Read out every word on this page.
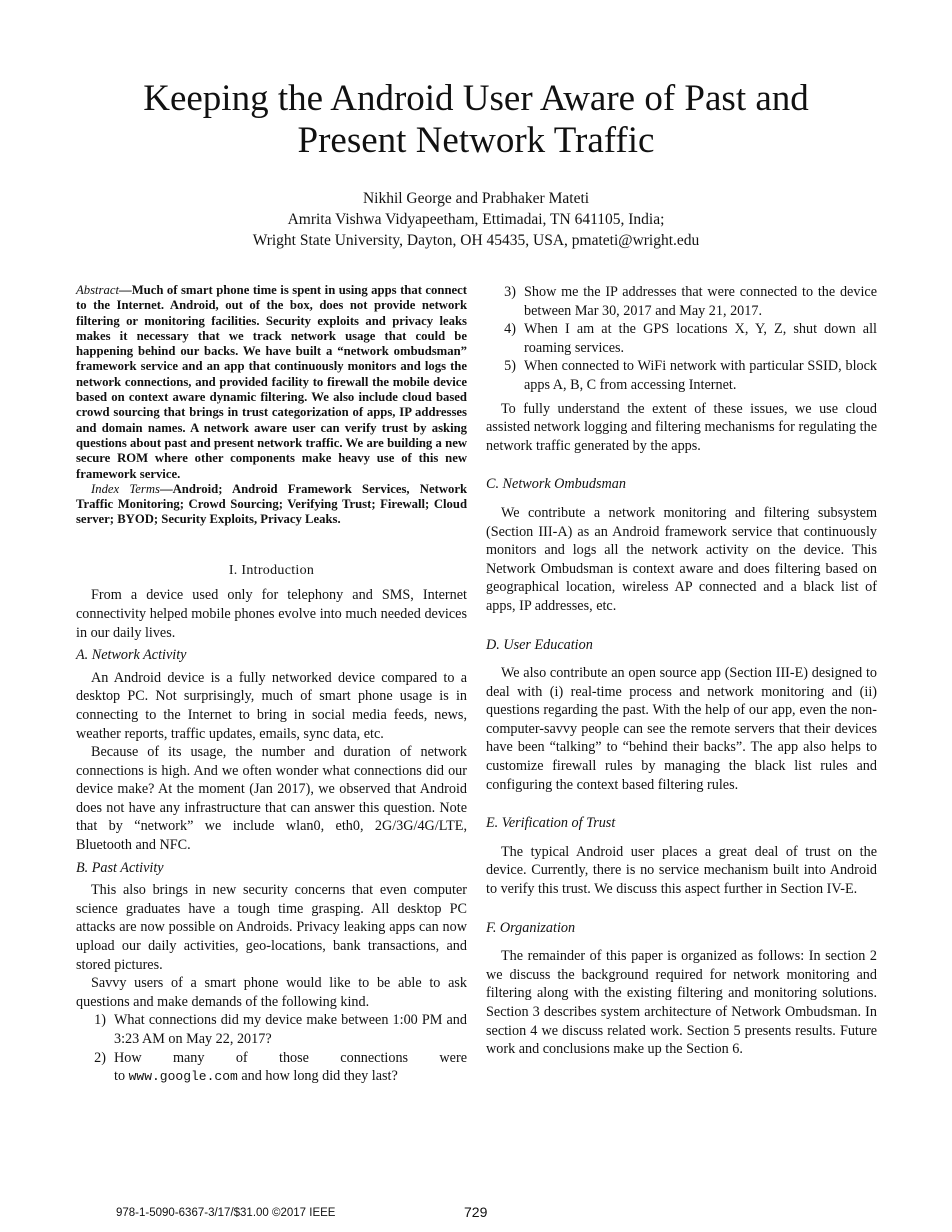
Keeping the Android User Aware of Past and
Present Network Traffic
Nikhil George and Prabhaker Mateti
Amrita Vishwa Vidyapeetham, Ettimadai, TN 641105, India;
Wright State University, Dayton, OH 45435, USA, pmateti@wright.edu

Abstract—Much of smart phone time is spent in using apps that connect to the Internet. Android, out of the box, does not provide network filtering or monitoring facilities. Security exploits and privacy leaks makes it necessary that we track network usage that could be happening behind our backs. We have built a “network ombudsman” framework service and an app that continuously monitors and logs the network connections, and provided facility to firewall the mobile device based on context aware dynamic filtering. We also include cloud based crowd sourcing that brings in trust categorization of apps, IP addresses and domain names. A network aware user can verify trust by asking questions about past and present network traffic. We are building a new secure ROM where other components make heavy use of this new framework service.

Index Terms—Android; Android Framework Services, Network Traffic Monitoring; Crowd Sourcing; Verifying Trust; Firewall; Cloud server; BYOD; Security Exploits, Privacy Leaks.

I. Introduction

From a device used only for telephony and SMS, Internet connectivity helped mobile phones evolve into much needed devices in our daily lives.

A. Network Activity

An Android device is a fully networked device compared to a desktop PC. Not surprisingly, much of smart phone usage is in connecting to the Internet to bring in social media feeds, news, weather reports, traffic updates, emails, sync data, etc.

Because of its usage, the number and duration of network connections is high. And we often wonder what connections did our device make? At the moment (Jan 2017), we observed that Android does not have any infrastructure that can answer this question. Note that by “network” we include wlan0, eth0, 2G/3G/4G/LTE, Bluetooth and NFC.

B. Past Activity

This also brings in new security concerns that even computer science graduates have a tough time grasping. All desktop PC attacks are now possible on Androids. Privacy leaking apps can now upload our daily activities, geo-locations, bank transactions, and stored pictures.

Savvy users of a smart phone would like to be able to ask questions and make demands of the following kind.

1) What connections did my device make between 1:00 PM and 3:23 AM on May 22, 2017?
2) How many of those connections were to www.google.com and how long did they last?
3) Show me the IP addresses that were connected to the device between Mar 30, 2017 and May 21, 2017.
4) When I am at the GPS locations X, Y, Z, shut down all roaming services.
5) When connected to WiFi network with particular SSID, block apps A, B, C from accessing Internet.

To fully understand the extent of these issues, we use cloud assisted network logging and filtering mechanisms for regulating the network traffic generated by the apps.

C. Network Ombudsman

We contribute a network monitoring and filtering subsystem (Section III-A) as an Android framework service that continuously monitors and logs all the network activity on the device. This Network Ombudsman is context aware and does filtering based on geographical location, wireless AP connected and a black list of apps, IP addresses, etc.

D. User Education

We also contribute an open source app (Section III-E) designed to deal with (i) real-time process and network monitoring and (ii) questions regarding the past. With the help of our app, even the non-computer-savvy people can see the remote servers that their devices have been “talking” to “behind their backs”. The app also helps to customize firewall rules by managing the black list rules and configuring the context based filtering rules.

E. Verification of Trust

The typical Android user places a great deal of trust on the device. Currently, there is no service mechanism built into Android to verify this trust. We discuss this aspect further in Section IV-E.

F. Organization

The remainder of this paper is organized as follows: In section 2 we discuss the background required for network monitoring and filtering along with the existing filtering and monitoring solutions. Section 3 describes system architecture of Network Ombudsman. In section 4 we discuss related work. Section 5 presents results. Future work and conclusions make up the Section 6.

978-1-5090-6367-3/17/$31.00 ©2017 IEEE	729
